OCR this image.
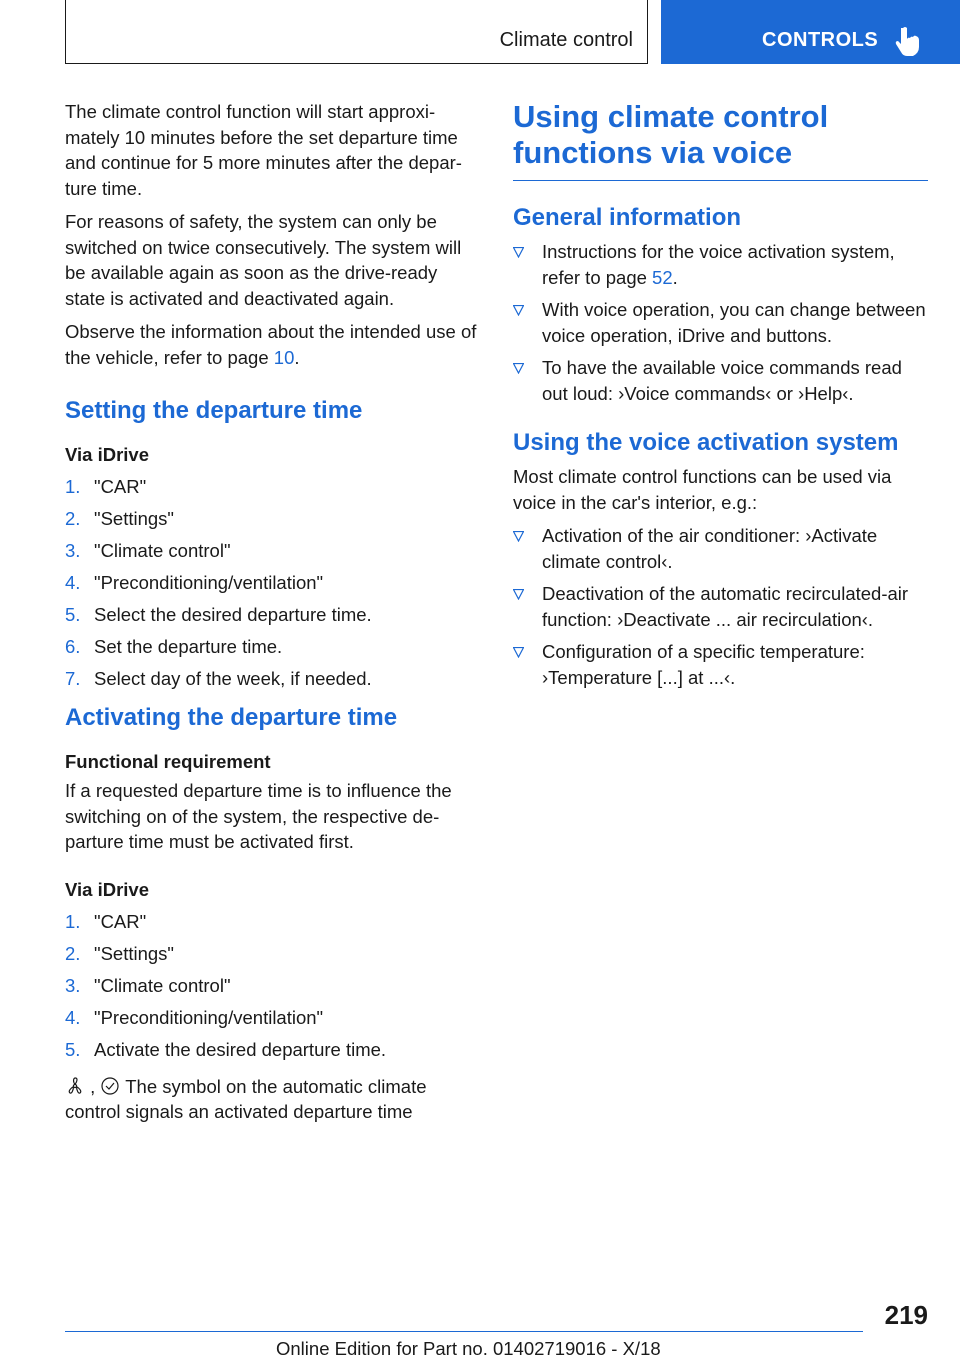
Climate control	CONTROLS

The climate control function will start approximately 10 minutes before the set departure time and continue for 5 more minutes after the departure time.

For reasons of safety, the system can only be switched on twice consecutively. The system will be available again as soon as the drive-ready state is activated and deactivated again.

Observe the information about the intended use of the vehicle, refer to page 10.

Setting the departure time
Via iDrive
1. "CAR"
2. "Settings"
3. "Climate control"
4. "Preconditioning/ventilation"
5. Select the desired departure time.
6. Set the departure time.
7. Select day of the week, if needed.
Activating the departure time
Functional requirement

If a requested departure time is to influence the switching on of the system, the respective departure time must be activated first.

Via iDrive
1. "CAR"
2. "Settings"
3. "Climate control"
4. "Preconditioning/ventilation"
5. Activate the desired departure time.

, The symbol on the automatic climate control signals an activated departure time

Using climate control functions via voice
General information
Instructions for the voice activation system, refer to page 52.
With voice operation, you can change between voice operation, iDrive and buttons.
To have the available voice commands read out loud: ›Voice commands‹ or ›Help‹.
Using the voice activation system

Most climate control functions can be used via voice in the car's interior, e.g.:

Activation of the air conditioner: ›Activate climate control‹.
Deactivation of the automatic recirculated-air function: ›Deactivate ... air recirculation‹.
Configuration of a specific temperature: ›Temperature [...] at ...‹.
219
Online Edition for Part no. 01402719016 - X/18
